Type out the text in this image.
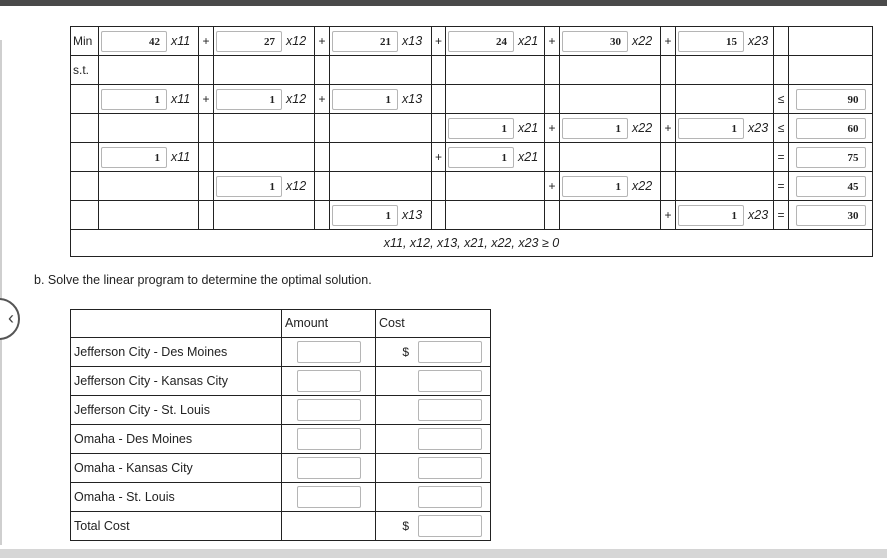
‹
Min	42 x11	+	27 x12	+	21 x13	+	24 x21	+	30 x22	+	15 x23		

s.t.													

	1 x11	+	1 x12	+	1 x13							≤	90

							1 x21	+	1 x22	+	1 x23	≤	60

	1 x11					+	1 x21					=	75

			1 x12					+	1 x22			=	45

					1 x13					+	1 x23	=	30

x11, x12, x13, x21, x22, x23 ≥ 0													
b. Solve the linear program to determine the optimal solution.
	Amount	Cost
Jefferson City - Des Moines		$

Jefferson City - Kansas City	

Jefferson City - St. Louis	

Omaha - Des Moines	

Omaha - Kansas City	

Omaha - St. Louis	

Total Cost		$
